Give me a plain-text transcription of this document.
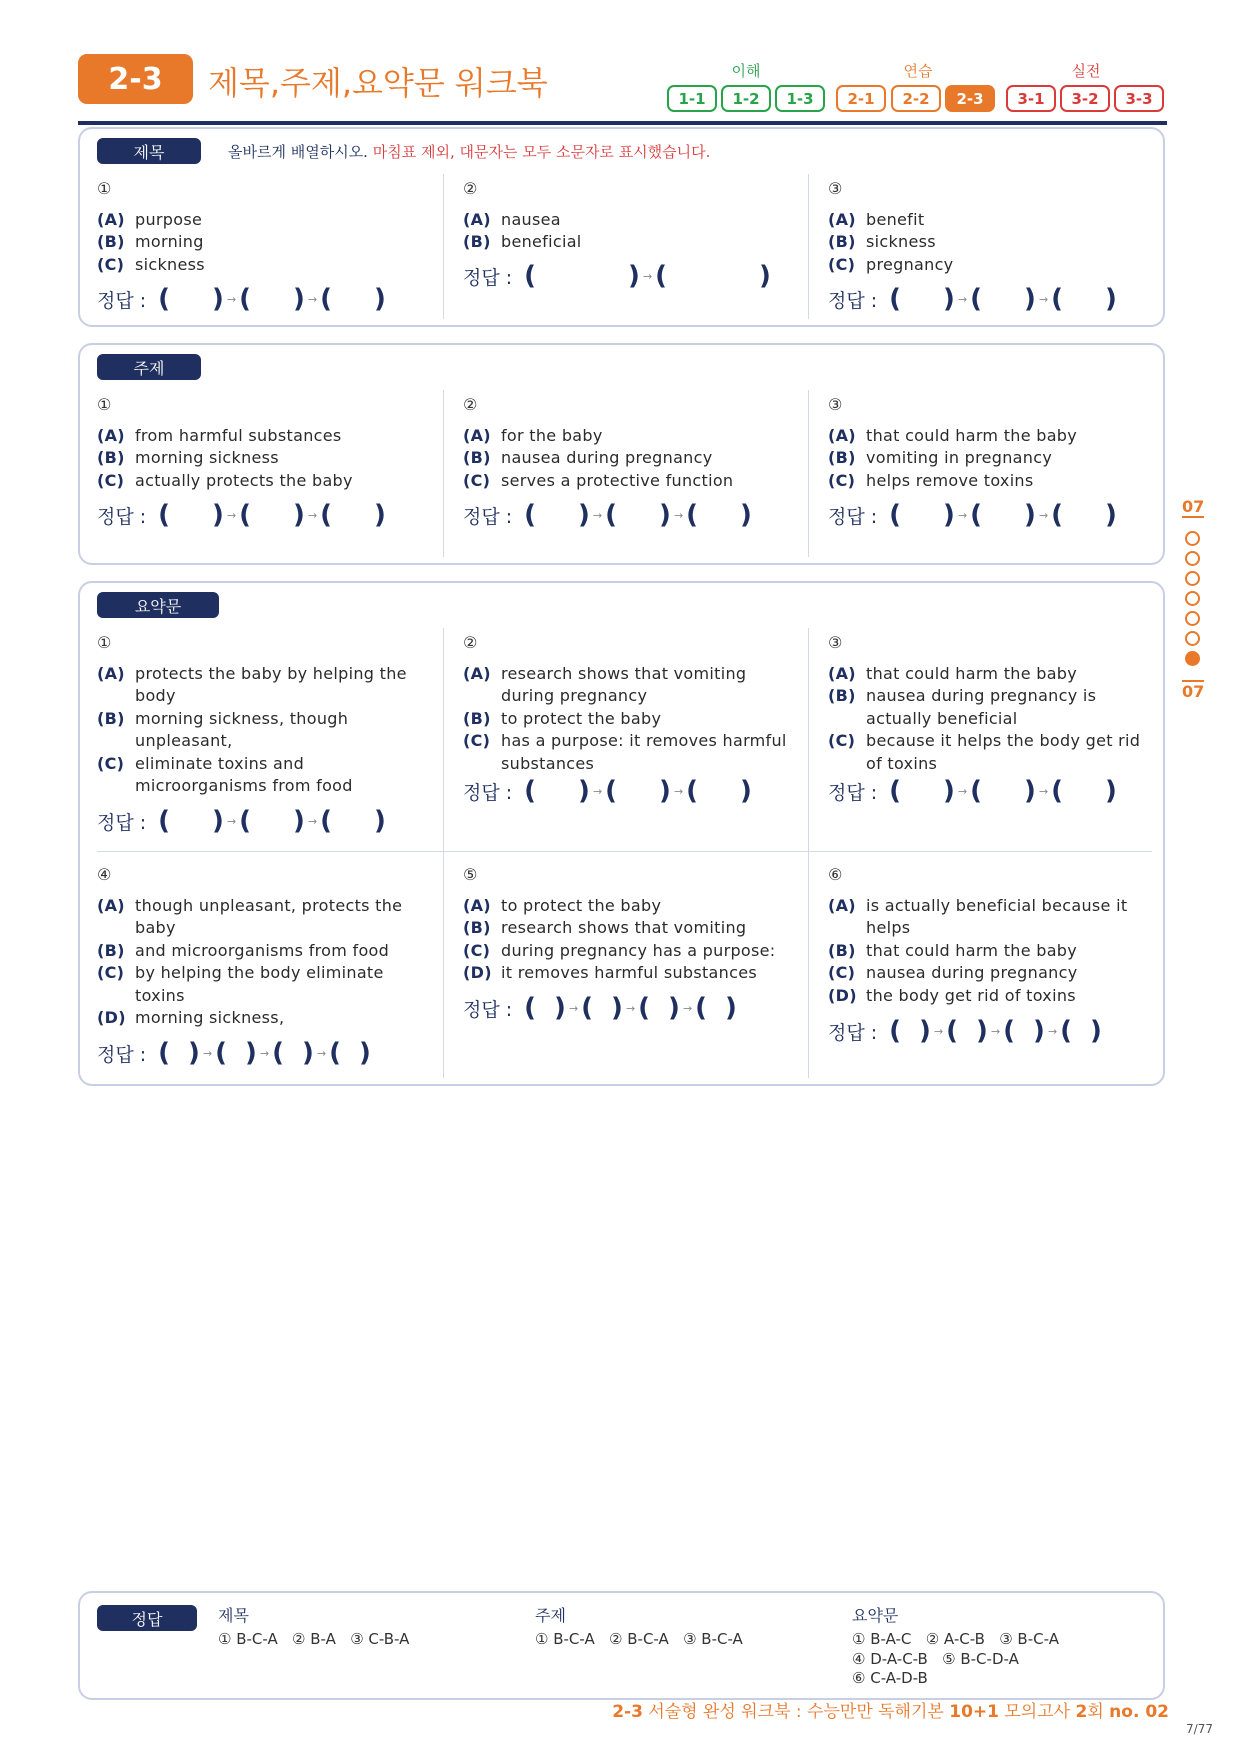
2-3	제목,주제,요약문 워크북	이해	연습	실전
1-1	1-2	1-3	2-1	2-2	2-3	3-1	3-2	3-3
제목	올바르게 배열하시오. 마침표 제외, 대문자는 모두 소문자로 표시했습니다.
①
(A) purpose
(B) morning
(C) sickness
정답 : ( ) → ( ) → ( )
②
(A) nausea
(B) beneficial
정답 : (	) → (	)
③
(A) benefit
(B) sickness
(C) pregnancy
정답 : ( ) → ( ) → ( )
주제
①
(A) from harmful substances
(B) morning sickness
(C) actually protects the baby
정답 : ( ) → ( ) → ( )
②
(A) for the baby
(B) nausea during pregnancy
(C) serves a protective function
정답 : ( ) → ( ) → ( )
③
(A) that could harm the baby
(B) vomiting in pregnancy
(C) helps remove toxins
정답 : ( ) → ( ) → ( )
요약문
①
(A) protects the baby by helping the body
(B) morning sickness, though unpleasant,
(C) eliminate toxins and microorganisms from food
정답 : ( ) → ( ) → ( )
②
(A) research shows that vomiting during pregnancy
(B) to protect the baby
(C) has a purpose: it removes harmful substances
정답 : ( ) → ( ) → ( )
③
(A) that could harm the baby
(B) nausea during pregnancy is actually beneficial
(C) because it helps the body get rid of toxins
정답 : ( ) → ( ) → ( )
④
(A) though unpleasant, protects the baby
(B) and microorganisms from food
(C) by helping the body eliminate toxins
(D) morning sickness,
정답 : ( ) → ( ) → ( ) → ( )
⑤
(A) to protect the baby
(B) research shows that vomiting
(C) during pregnancy has a purpose:
(D) it removes harmful substances
정답 : ( ) → ( ) → ( ) → ( )
⑥
(A) is actually beneficial because it helps
(B) that could harm the baby
(C) nausea during pregnancy
(D) the body get rid of toxins
정답 : ( ) → ( ) → ( ) → ( )
07
07
정답	제목
① B-C-A   ② B-A   ③ C-B-A
주제
① B-C-A   ② B-C-A   ③ B-C-A
요약문
① B-A-C   ② A-C-B   ③ B-C-A
④ D-A-C-B   ⑤ B-C-D-A
⑥ C-A-D-B
2-3 서술형 완성 워크북 : 수능만만 독해기본 10+1 모의고사 2회 no. 02
7/77
